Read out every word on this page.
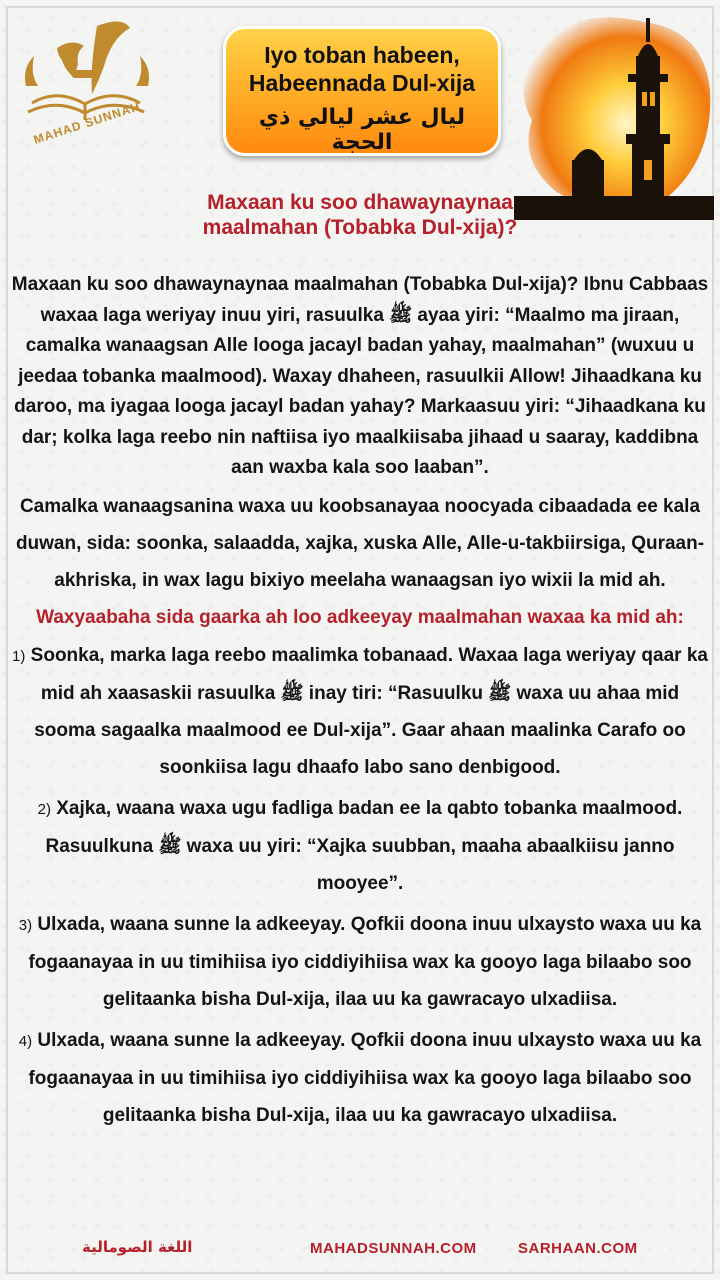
MAHAD SUNNAH
Iyo toban habeen,
Habeennada Dul-xija
ليال عشر ليالي ذي الحجة
Maxaan ku soo dhawaynaynaa
maalmahan (Tobabka Dul-xija)?

Maxaan ku soo dhawaynaynaa maalmahan (Tobabka Dul-xija)? Ibnu Cabbaas waxaa laga weriyay inuu yiri, rasuulka ﷺ ayaa yiri: “Maalmo ma jiraan, camalka wanaagsan Alle looga jacayl badan yahay, maalmahan” (wuxuu u jeedaa tobanka maalmood). Waxay dhaheen, rasuulkii Allow! Jihaadkana ku daroo, ma iyagaa looga jacayl badan yahay? Markaasuu yiri: “Jihaadkana ku dar; kolka laga reebo nin naftiisa iyo maalkiisaba jihaad u saaray, kaddibna aan waxba kala soo laaban”.

Camalka wanaagsanina waxa uu koobsanayaa noocyada cibaadada ee kala duwan, sida: soonka, salaadda, xajka, xuska Alle, Alle-u-takbiirsiga, Quraan-akhriska, in wax lagu bixiyo meelaha wanaagsan iyo wixii la mid ah.

Waxyaabaha sida gaarka ah loo adkeeyay maalmahan waxaa ka mid ah:

1) Soonka, marka laga reebo maalimka tobanaad. Waxaa laga weriyay qaar ka mid ah xaasaskii rasuulka ﷺ inay tiri: “Rasuulku ﷺ waxa uu ahaa mid sooma sagaalka maalmood ee Dul-xija”. Gaar ahaan maalinka Carafo oo soonkiisa lagu dhaafo labo sano denbigood.

2) Xajka, waana waxa ugu fadliga badan ee la qabto tobanka maalmood. Rasuulkuna ﷺ waxa uu yiri: “Xajka suubban, maaha abaalkiisu janno mooyee”.

3) Ulxada, waana sunne la adkeeyay. Qofkii doona inuu ulxaysto waxa uu ka fogaanayaa in uu timihiisa iyo ciddiyihiisa wax ka gooyo laga bilaabo soo gelitaanka bisha Dul-xija, ilaa uu ka gawracayo ulxadiisa.

4) Ulxada, waana sunne la adkeeyay. Qofkii doona inuu ulxaysto waxa uu ka fogaanayaa in uu timihiisa iyo ciddiyihiisa wax ka gooyo laga bilaabo soo gelitaanka bisha Dul-xija, ilaa uu ka gawracayo ulxadiisa.

اللغة الصومالية	MAHADSUNNAH.COM	SARHAAN.COM
